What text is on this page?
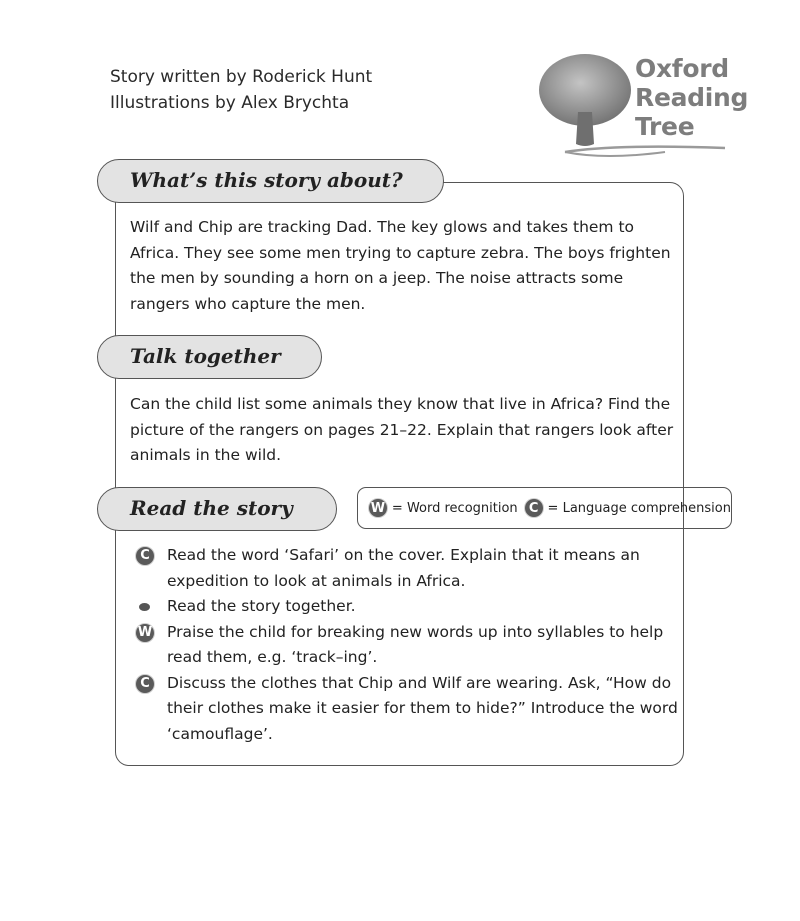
Story written by Roderick Hunt
Illustrations by Alex Brychta
Oxford
Reading
Tree
What’s this story about?
Wilf and Chip are tracking Dad. The key glows and takes them to Africa. They see some men trying to capture zebra. The boys frighten the men by sounding a horn on a jeep. The noise attracts some rangers who capture the men.
Talk together
Can the child list some animals they know that live in Africa? Find the picture of the rangers on pages 21–22. Explain that rangers look after animals in the wild.
Read the story	W = Word recognition C = Language comprehension
C	Read the word ‘Safari’ on the cover. Explain that it means an expedition to look at animals in Africa.
Read the story together.
W Praise the child for breaking new words up into syllables to help read them, e.g. ‘track–ing’.
C	Discuss the clothes that Chip and Wilf are wearing. Ask, “How do their clothes make it easier for them to hide?” Introduce the word ‘camouflage’.
